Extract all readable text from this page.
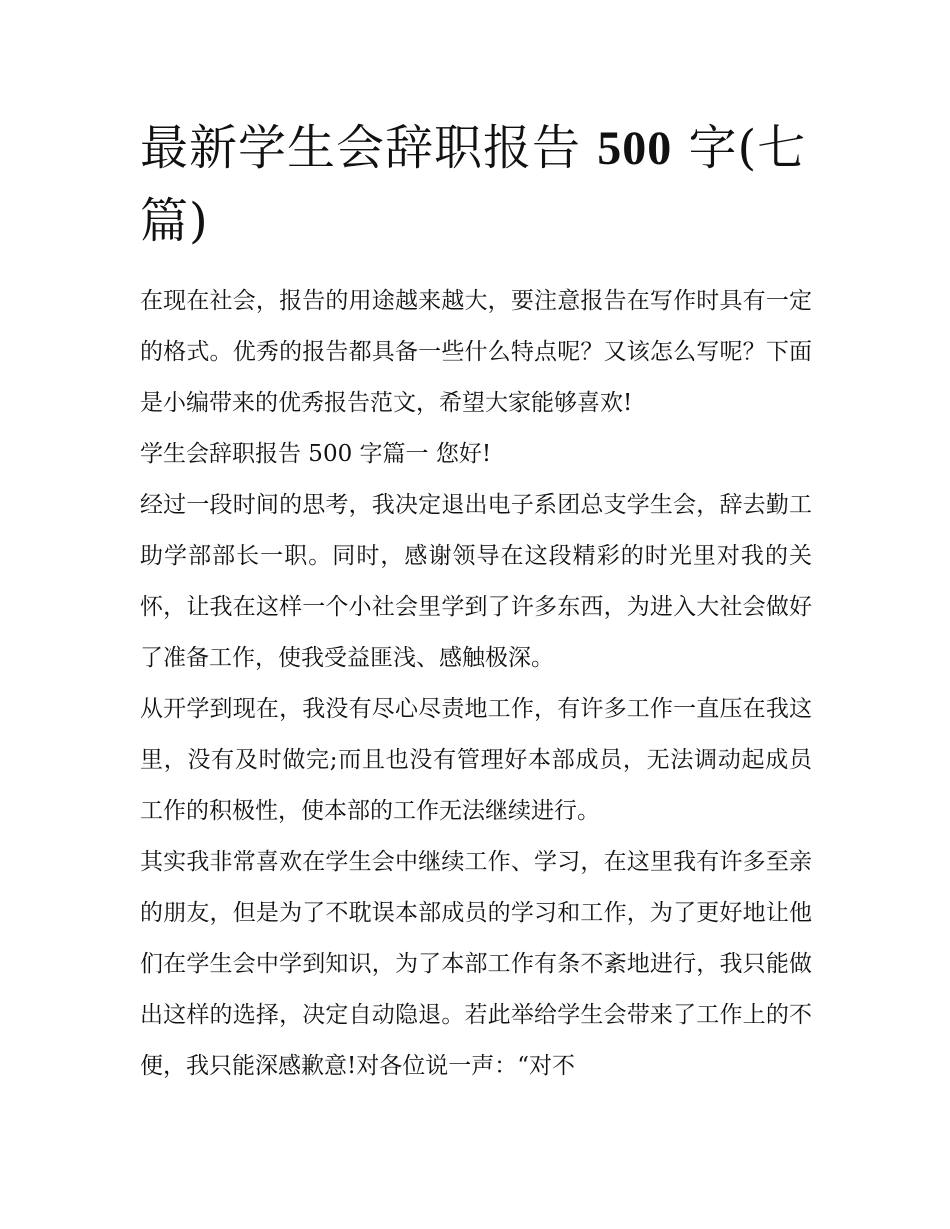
最新学生会辞职报告 500 字(七篇)

在现在社会，报告的用途越来越大，要注意报告在写作时具有一定的格式。优秀的报告都具备一些什么特点呢？又该怎么写呢？下面是小编带来的优秀报告范文，希望大家能够喜欢!

学生会辞职报告 500 字篇一 您好!

经过一段时间的思考，我决定退出电子系团总支学生会，辞去勤工助学部部长一职。同时，感谢领导在这段精彩的时光里对我的关怀，让我在这样一个小社会里学到了许多东西，为进入大社会做好了准备工作，使我受益匪浅、感触极深。

从开学到现在，我没有尽心尽责地工作，有许多工作一直压在我这里，没有及时做完;而且也没有管理好本部成员，无法调动起成员工作的积极性，使本部的工作无法继续进行。

其实我非常喜欢在学生会中继续工作、学习，在这里我有许多至亲的朋友，但是为了不耽误本部成员的学习和工作，为了更好地让他们在学生会中学到知识，为了本部工作有条不紊地进行，我只能做出这样的选择，决定自动隐退。若此举给学生会带来了工作上的不便，我只能深感歉意!对各位说一声：“对不
